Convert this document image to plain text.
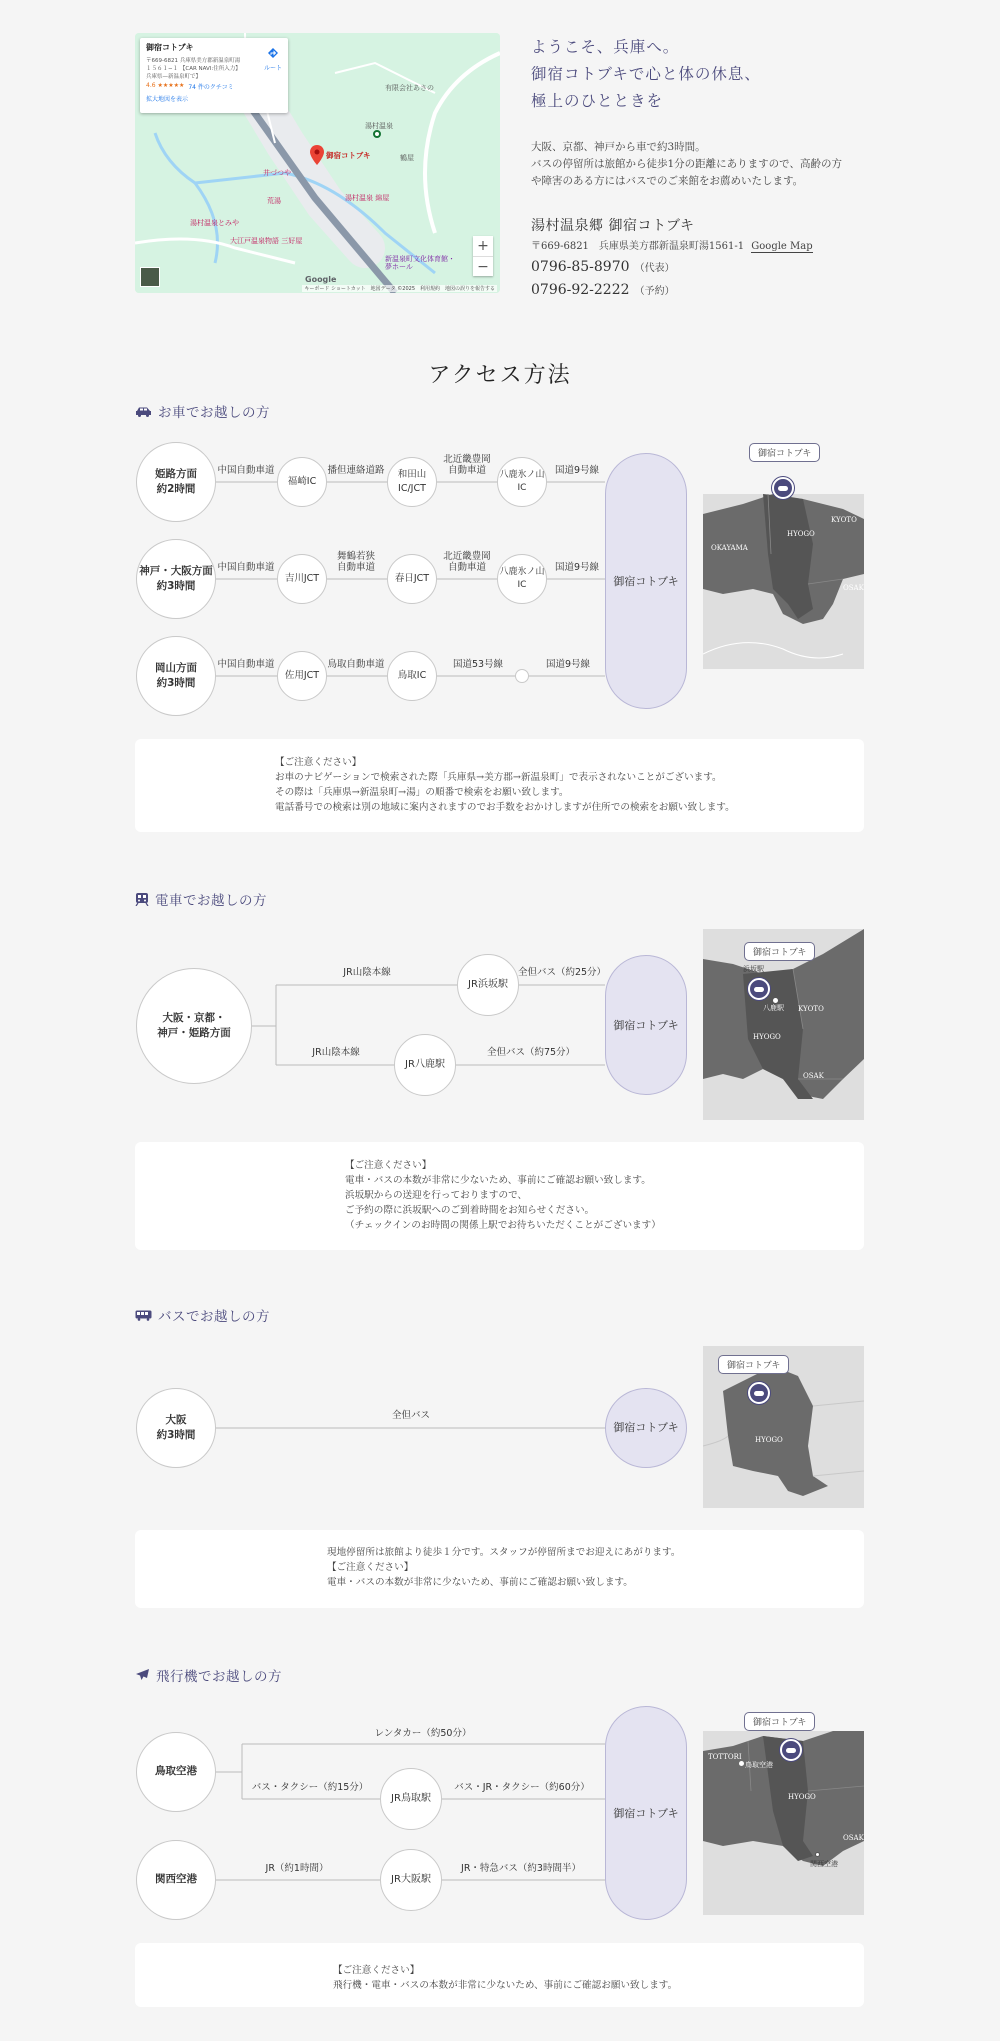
御宿コトブキ
〒669-6821 兵庫県美方郡新温泉町湯
１５６１−１ 【CAR NAVI:住所入力】
兵庫県—新温泉町で】
4.6 ★★★★★ 74 件のクチコミ
拡大地図を表示
ルート
御宿コトブキ
有限会社あさの
湯村温泉 綿屋
井づつや
荒湯
湯村温泉とみや
大江戸温泉物語 三好屋
新温泉町文化体育館・夢ホール
鶴屋
湯村温泉
+
−
Google
キーボード ショートカット　地図データ ©2025　利用規約　地図の誤りを報告する
ようこそ、兵庫へ。
御宿コトブキで心と体の休息、
極上のひとときを
大阪、京都、神戸から車で約3時間。
バスの停留所は旅館から徒歩1分の距離にありますので、高齢の方
や障害のある方にはバスでのご来館をお薦めいたします。
湯村温泉郷 御宿コトブキ
〒669-6821　兵庫県美方郡新温泉町湯1561-1 Google Map
0796-85-8970 （代表）
0796-92-2222 （予約）
アクセス方法
お車でお越しの方
姫路方面
約2時間
神戸・大阪方面
約3時間
岡山方面
約3時間
福崎IC
和田山
IC/JCT
八鹿氷ノ山
IC
中国自動車道	播但連絡道路
北近畿豊岡
自動車道	国道9号線
吉川JCT	春日JCT
八鹿氷ノ山
IC
中国自動車道
舞鶴若狭
自動車道
北近畿豊岡
自動車道	国道9号線
佐用JCT	鳥取IC
中国自動車道	鳥取自動車道	国道53号線	国道9号線
御宿コトブキ
OKAYAMA
HYOGO
KYOTO
OSAK
御宿コトブキ
【ご注意ください】
お車のナビゲーションで検索された際「兵庫県→美方郡→新温泉町」で表示されないことがございます。
その際は「兵庫県→新温泉町→湯」の順番で検索をお願い致します。
電話番号での検索は別の地域に案内されますのでお手数をおかけしますが住所での検索をお願い致します。
電車でお越しの方
大阪・京都・
神戸・姫路方面
JR浜坂駅
JR八鹿駅
JR山陰本線	全但バス（約25分）
JR山陰本線	全但バス（約75分）
御宿コトブキ
浜坂駅
八鹿駅 KYOTO
HYOGO
OSAK
御宿コトブキ
【ご注意ください】
電車・バスの本数が非常に少ないため、事前にご確認お願い致します。
浜坂駅からの送迎を行っておりますので、
ご予約の際に浜坂駅へのご到着時間をお知らせください。
（チェックインのお時間の関係上駅でお待ちいただくことがございます）
バスでお越しの方
大阪
約3時間
全但バス
御宿コトブキ
HYOGO
御宿コトブキ
現地停留所は旅館より徒歩１分です。スタッフが停留所までお迎えにあがります。
【ご注意ください】
電車・バスの本数が非常に少ないため、事前にご確認お願い致します。
飛行機でお越しの方
鳥取空港
関西空港
JR鳥取駅
JR大阪駅
レンタカー（約50分）
バス・タクシー（約15分）	バス・JR・タクシー（約60分）
JR（約1時間）	JR・特急バス（約3時間半）
御宿コトブキ
TOTTORI
鳥取空港
HYOGO
関西空港
OSAK
御宿コトブキ
【ご注意ください】
飛行機・電車・バスの本数が非常に少ないため、事前にご確認お願い致します。
